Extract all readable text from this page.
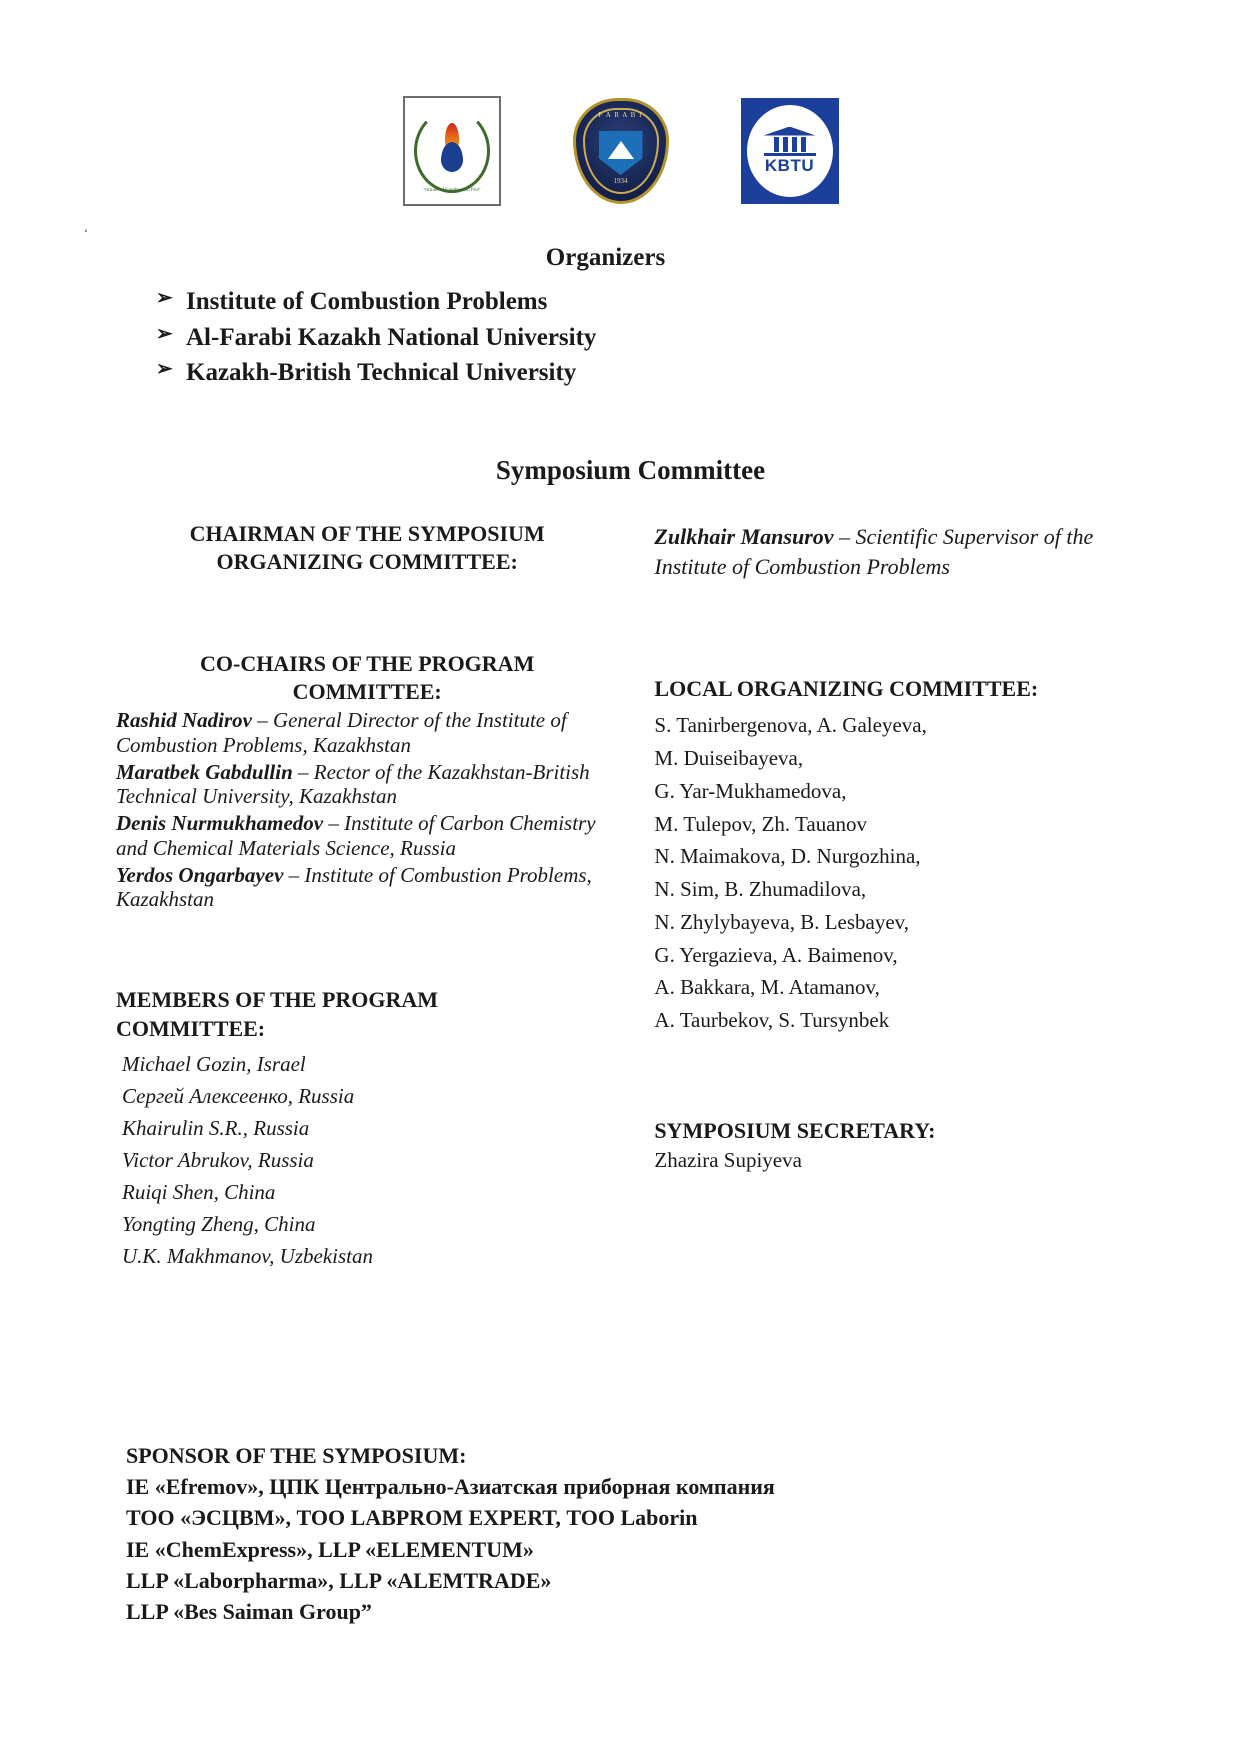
1987
The Institute of Combustion Problems
F A R A B I
1934
KBTU
‘
Organizers
➢ Institute of Combustion Problems
➢ Al-Farabi Kazakh National University
➢ Kazakh-British Technical University
Symposium Committee
CHAIRMAN OF THE SYMPOSIUM
ORGANIZING COMMITTEE:
CO-CHAIRS OF THE PROGRAM
COMMITTEE:
Rashid Nadirov – General Director of the Institute of Combustion Problems, Kazakhstan
Maratbek Gabdullin – Rector of the Kazakhstan-British Technical University, Kazakhstan
Denis Nurmukhamedov – Institute of Carbon Chemistry and Chemical Materials Science, Russia
Yerdos Ongarbayev – Institute of Combustion Problems, Kazakhstan
MEMBERS OF THE PROGRAM
COMMITTEE:
Michael Gozin, Israel
Сергей Алексеенко, Russia
Khairulin S.R., Russia
Victor Abrukov, Russia
Ruiqi Shen, China
Yongting Zheng, China
U.K. Makhmanov, Uzbekistan
Zulkhair Mansurov – Scientific Supervisor of the Institute of Combustion Problems
LOCAL ORGANIZING COMMITTEE:
S. Tanirbergenova, A. Galeyeva,
M. Duiseibayeva,
G. Yar-Mukhamedova,
M. Tulepov, Zh. Tauanov
N. Maimakova, D. Nurgozhina,
N. Sim, B. Zhumadilova,
N. Zhylybayeva, B. Lesbayev,
G. Yergazieva, A. Baimenov,
A. Bakkara, M. Atamanov,
A. Taurbekov, S. Tursynbek
SYMPOSIUM SECRETARY:
Zhazira Supiyeva
SPONSOR OF THE SYMPOSIUM:
IE «Efremov», ЦПК Центрально-Азиатская приборная компания
ТОО «ЭСЦВМ», ТОО LABPROM EXPERT, ТОО Laborin
IE «ChemExpress», LLP «ELEMENTUM»
LLP «Laborpharma», LLP «ALEMTRADE»
LLP «Bes Saiman Group”
